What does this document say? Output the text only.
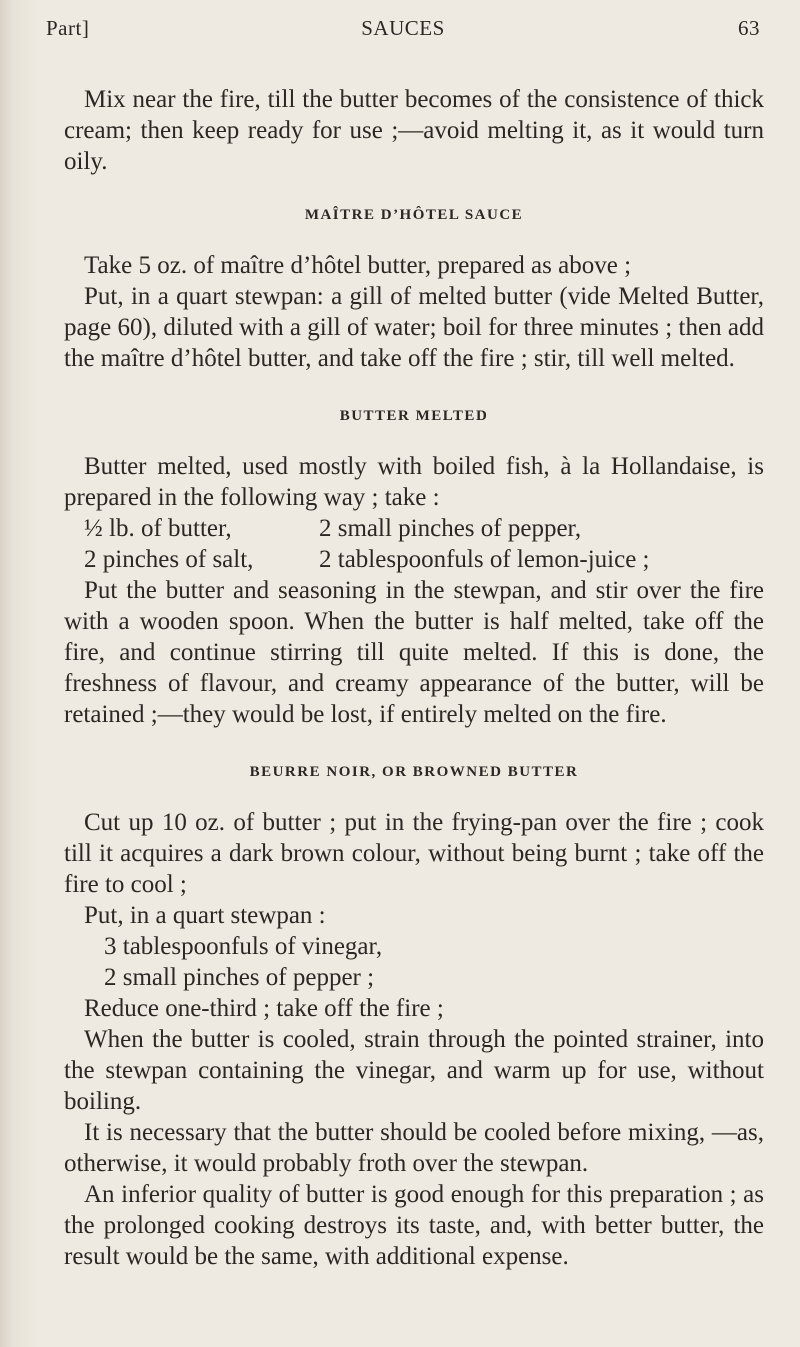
Part]	SAUCES	63

Mix near the fire, till the butter becomes of the consistence of thick cream; then keep ready for use ;—avoid melting it, as it would turn oily.

MAÎTRE D’HÔTEL SAUCE

Take 5 oz. of maître d’hôtel butter, prepared as above ;

Put, in a quart stewpan: a gill of melted butter (vide Melted Butter, page 60), diluted with a gill of water; boil for three minutes ; then add the maître d’hôtel butter, and take off the fire ; stir, till well melted.

BUTTER MELTED

Butter melted, used mostly with boiled fish, à la Hollandaise, is prepared in the following way ; take :

½ lb. of butter,	2 small pinches of pepper,
2 pinches of salt,	2 tablespoonfuls of lemon-juice ;

Put the butter and seasoning in the stewpan, and stir over the fire with a wooden spoon. When the butter is half melted, take off the fire, and continue stirring till quite melted. If this is done, the freshness of flavour, and creamy appearance of the butter, will be retained ;—they would be lost, if entirely melted on the fire.

BEURRE NOIR, OR BROWNED BUTTER

Cut up 10 oz. of butter ; put in the frying-pan over the fire ; cook till it acquires a dark brown colour, without being burnt ; take off the fire to cool ;

Put, in a quart stewpan :
3 tablespoonfuls of vinegar,
2 small pinches of pepper ;
Reduce one-third ; take off the fire ;

When the butter is cooled, strain through the pointed strainer, into the stewpan containing the vinegar, and warm up for use, without boiling.

It is necessary that the butter should be cooled before mixing, —as, otherwise, it would probably froth over the stewpan.

An inferior quality of butter is good enough for this preparation ; as the prolonged cooking destroys its taste, and, with better butter, the result would be the same, with additional expense.
